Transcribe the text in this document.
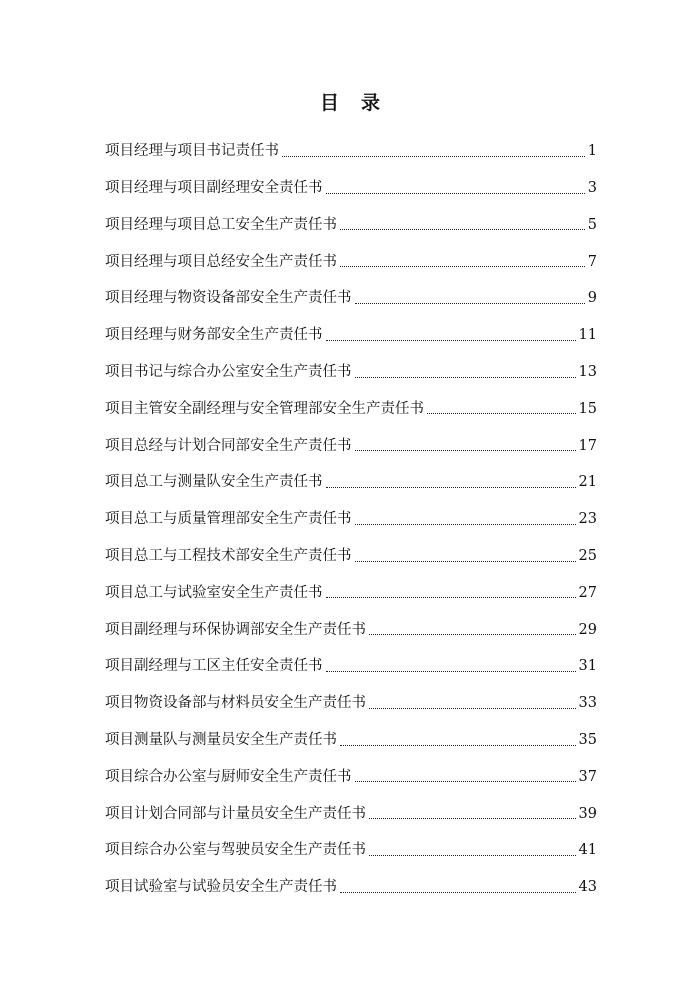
目 录
项目经理与项目书记责任书	1
项目经理与项目副经理安全责任书	3
项目经理与项目总工安全生产责任书	5
项目经理与项目总经安全生产责任书	7
项目经理与物资设备部安全生产责任书	9
项目经理与财务部安全生产责任书	11
项目书记与综合办公室安全生产责任书	13
项目主管安全副经理与安全管理部安全生产责任书	15
项目总经与计划合同部安全生产责任书	17
项目总工与测量队安全生产责任书	21
项目总工与质量管理部安全生产责任书	23
项目总工与工程技术部安全生产责任书	25
项目总工与试验室安全生产责任书	27
项目副经理与环保协调部安全生产责任书	29
项目副经理与工区主任安全责任书	31
项目物资设备部与材料员安全生产责任书	33
项目测量队与测量员安全生产责任书	35
项目综合办公室与厨师安全生产责任书	37
项目计划合同部与计量员安全生产责任书	39
项目综合办公室与驾驶员安全生产责任书	41
项目试验室与试验员安全生产责任书	43
